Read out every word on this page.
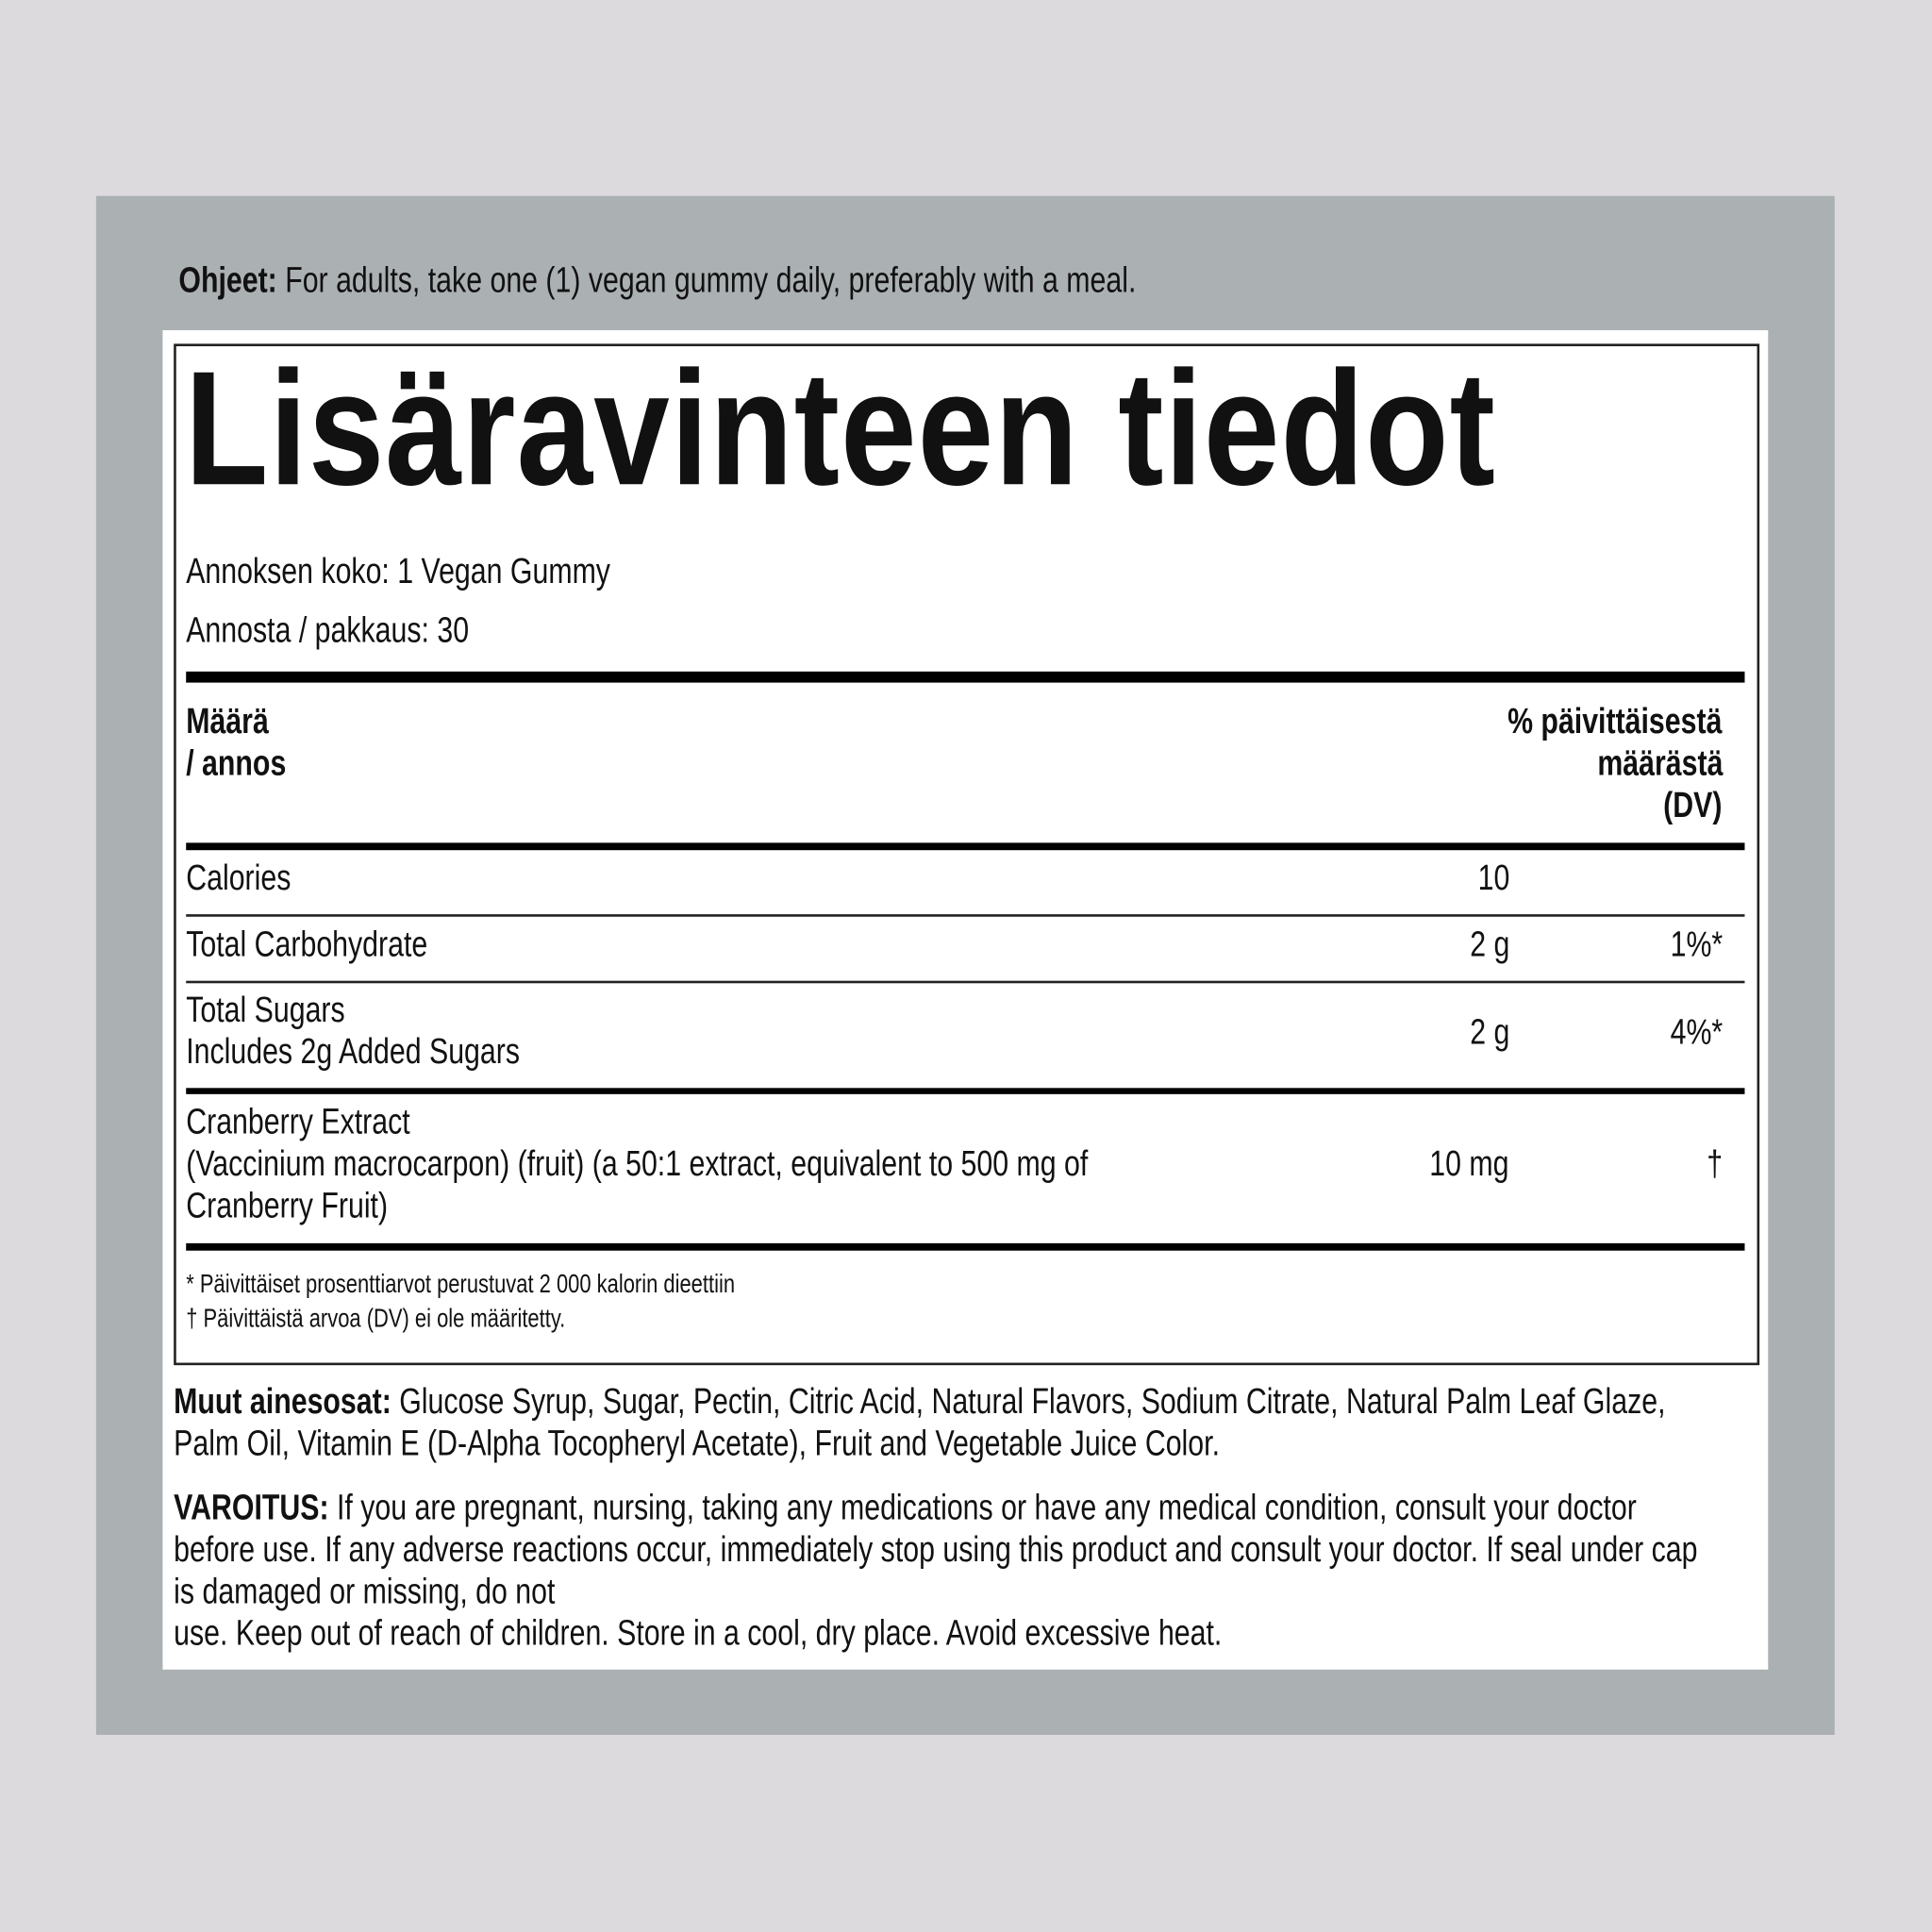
Ohjeet: For adults, take one (1) vegan gummy daily, preferably with a meal.
Lisäravinteen tiedot
Annoksen koko: 1 Vegan Gummy
Annosta / pakkaus: 30
Määrä
/ annos
% päivittäisestä
määrästä
(DV)
Calories	10
Total Carbohydrate	2 g	1%*
Total Sugars
Includes 2g Added Sugars	2 g	4%*
Cranberry Extract
(Vaccinium macrocarpon) (fruit) (a 50:1 extract, equivalent to 500 mg of
Cranberry Fruit)
10 mg	†
* Päivittäiset prosenttiarvot perustuvat 2 000 kalorin dieettiin
† Päivittäistä arvoa (DV) ei ole määritetty.
Muut ainesosat: Glucose Syrup, Sugar, Pectin, Citric Acid, Natural Flavors, Sodium Citrate, Natural Palm Leaf Glaze,
Palm Oil, Vitamin E (D-Alpha Tocopheryl Acetate), Fruit and Vegetable Juice Color.
VAROITUS: If you are pregnant, nursing, taking any medications or have any medical condition, consult your doctor
before use. If any adverse reactions occur, immediately stop using this product and consult your doctor. If seal under cap
is damaged or missing, do not
use. Keep out of reach of children. Store in a cool, dry place. Avoid excessive heat.
